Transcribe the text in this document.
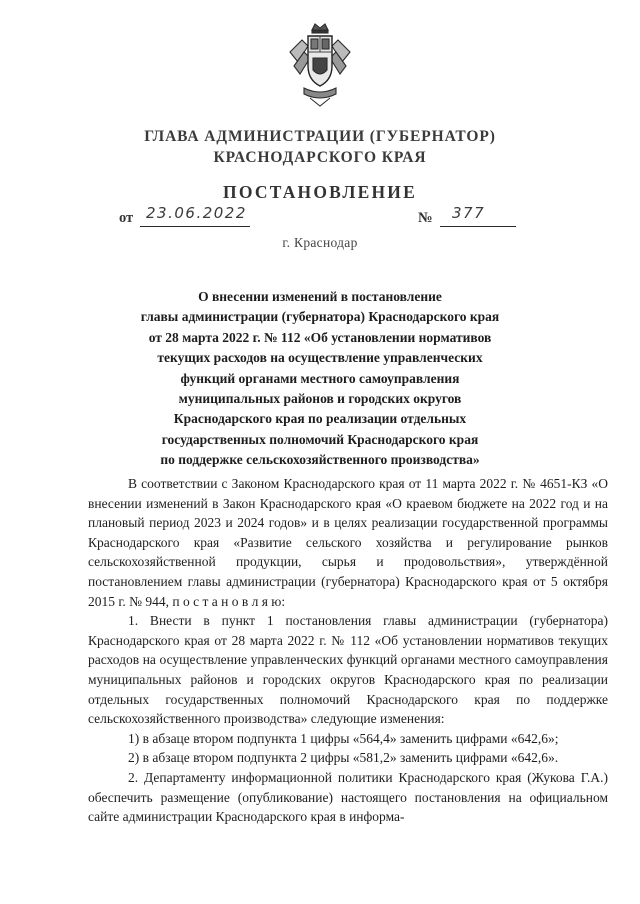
ГЛАВА АДМИНИСТРАЦИИ (ГУБЕРНАТОР)
КРАСНОДАРСКОГО КРАЯ
ПОСТАНОВЛЕНИЕ
от 23.06.2022	№ 377
г. Краснодар
О внесении изменений в постановление
главы администрации (губернатора) Краснодарского края
от 28 марта 2022 г. № 112 «Об установлении нормативов
текущих расходов на осуществление управленческих
функций органами местного самоуправления
муниципальных районов и городских округов
Краснодарского края по реализации отдельных
государственных полномочий Краснодарского края
по поддержке сельскохозяйственного производства»

В соответствии с Законом Краснодарского края от 11 марта 2022 г. № 4651-КЗ «О внесении изменений в Закон Краснодарского края «О краевом бюджете на 2022 год и на плановый период 2023 и 2024 годов» и в целях реализации государственной программы Краснодарского края «Развитие сельского хозяйства и регулирование рынков сельскохозяйственной продукции, сырья и продовольствия», утверждённой постановлением главы администрации (губернатора) Краснодарского края от 5 октября 2015 г. № 944, п о с т а н о в л я ю:

1. Внести в пункт 1 постановления главы администрации (губернатора) Краснодарского края от 28 марта 2022 г. № 112 «Об установлении нормативов текущих расходов на осуществление управленческих функций органами местного самоуправления муниципальных районов и городских округов Краснодарского края по реализации отдельных государственных полномочий Краснодарского края по поддержке сельскохозяйственного производства» следующие изменения:

1) в абзаце втором подпункта 1 цифры «564,4» заменить цифрами «642,6»;

2) в абзаце втором подпункта 2 цифры «581,2» заменить цифрами «642,6».

2. Департаменту информационной политики Краснодарского края (Жукова Г.А.) обеспечить размещение (опубликование) настоящего постановления на официальном сайте администрации Краснодарского края в информа-
